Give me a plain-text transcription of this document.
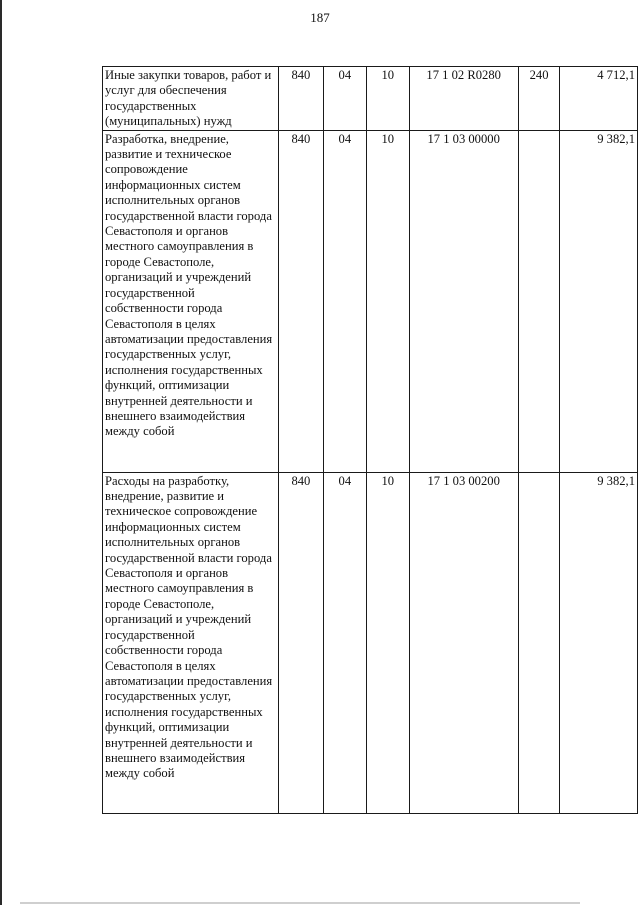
187
Иные закупки товаров, работ и услуг для обеспечения государственных (муниципальных) нужд	840	04	10	17 1 02 R0280	240	4 712,1
Разработка, внедрение, развитие и техническое сопровождение информационных систем исполнительных органов государственной власти города Севастополя и органов местного самоуправления в городе Севастополе, организаций и учреждений государственной собственности города Севастополя в целях автоматизации предоставления государственных услуг, исполнения государственных функций, оптимизации внутренней деятельности и внешнего взаимодействия между собой	840	04	10	17 1 03 00000		9 382,1
Расходы на разработку, внедрение, развитие и техническое сопровождение информационных систем исполнительных органов государственной власти города Севастополя и органов местного самоуправления в городе Севастополе, организаций и учреждений государственной собственности города Севастополя в целях автоматизации предоставления государственных услуг, исполнения государственных функций, оптимизации внутренней деятельности и внешнего взаимодействия между собой	840	04	10	17 1 03 00200		9 382,1
